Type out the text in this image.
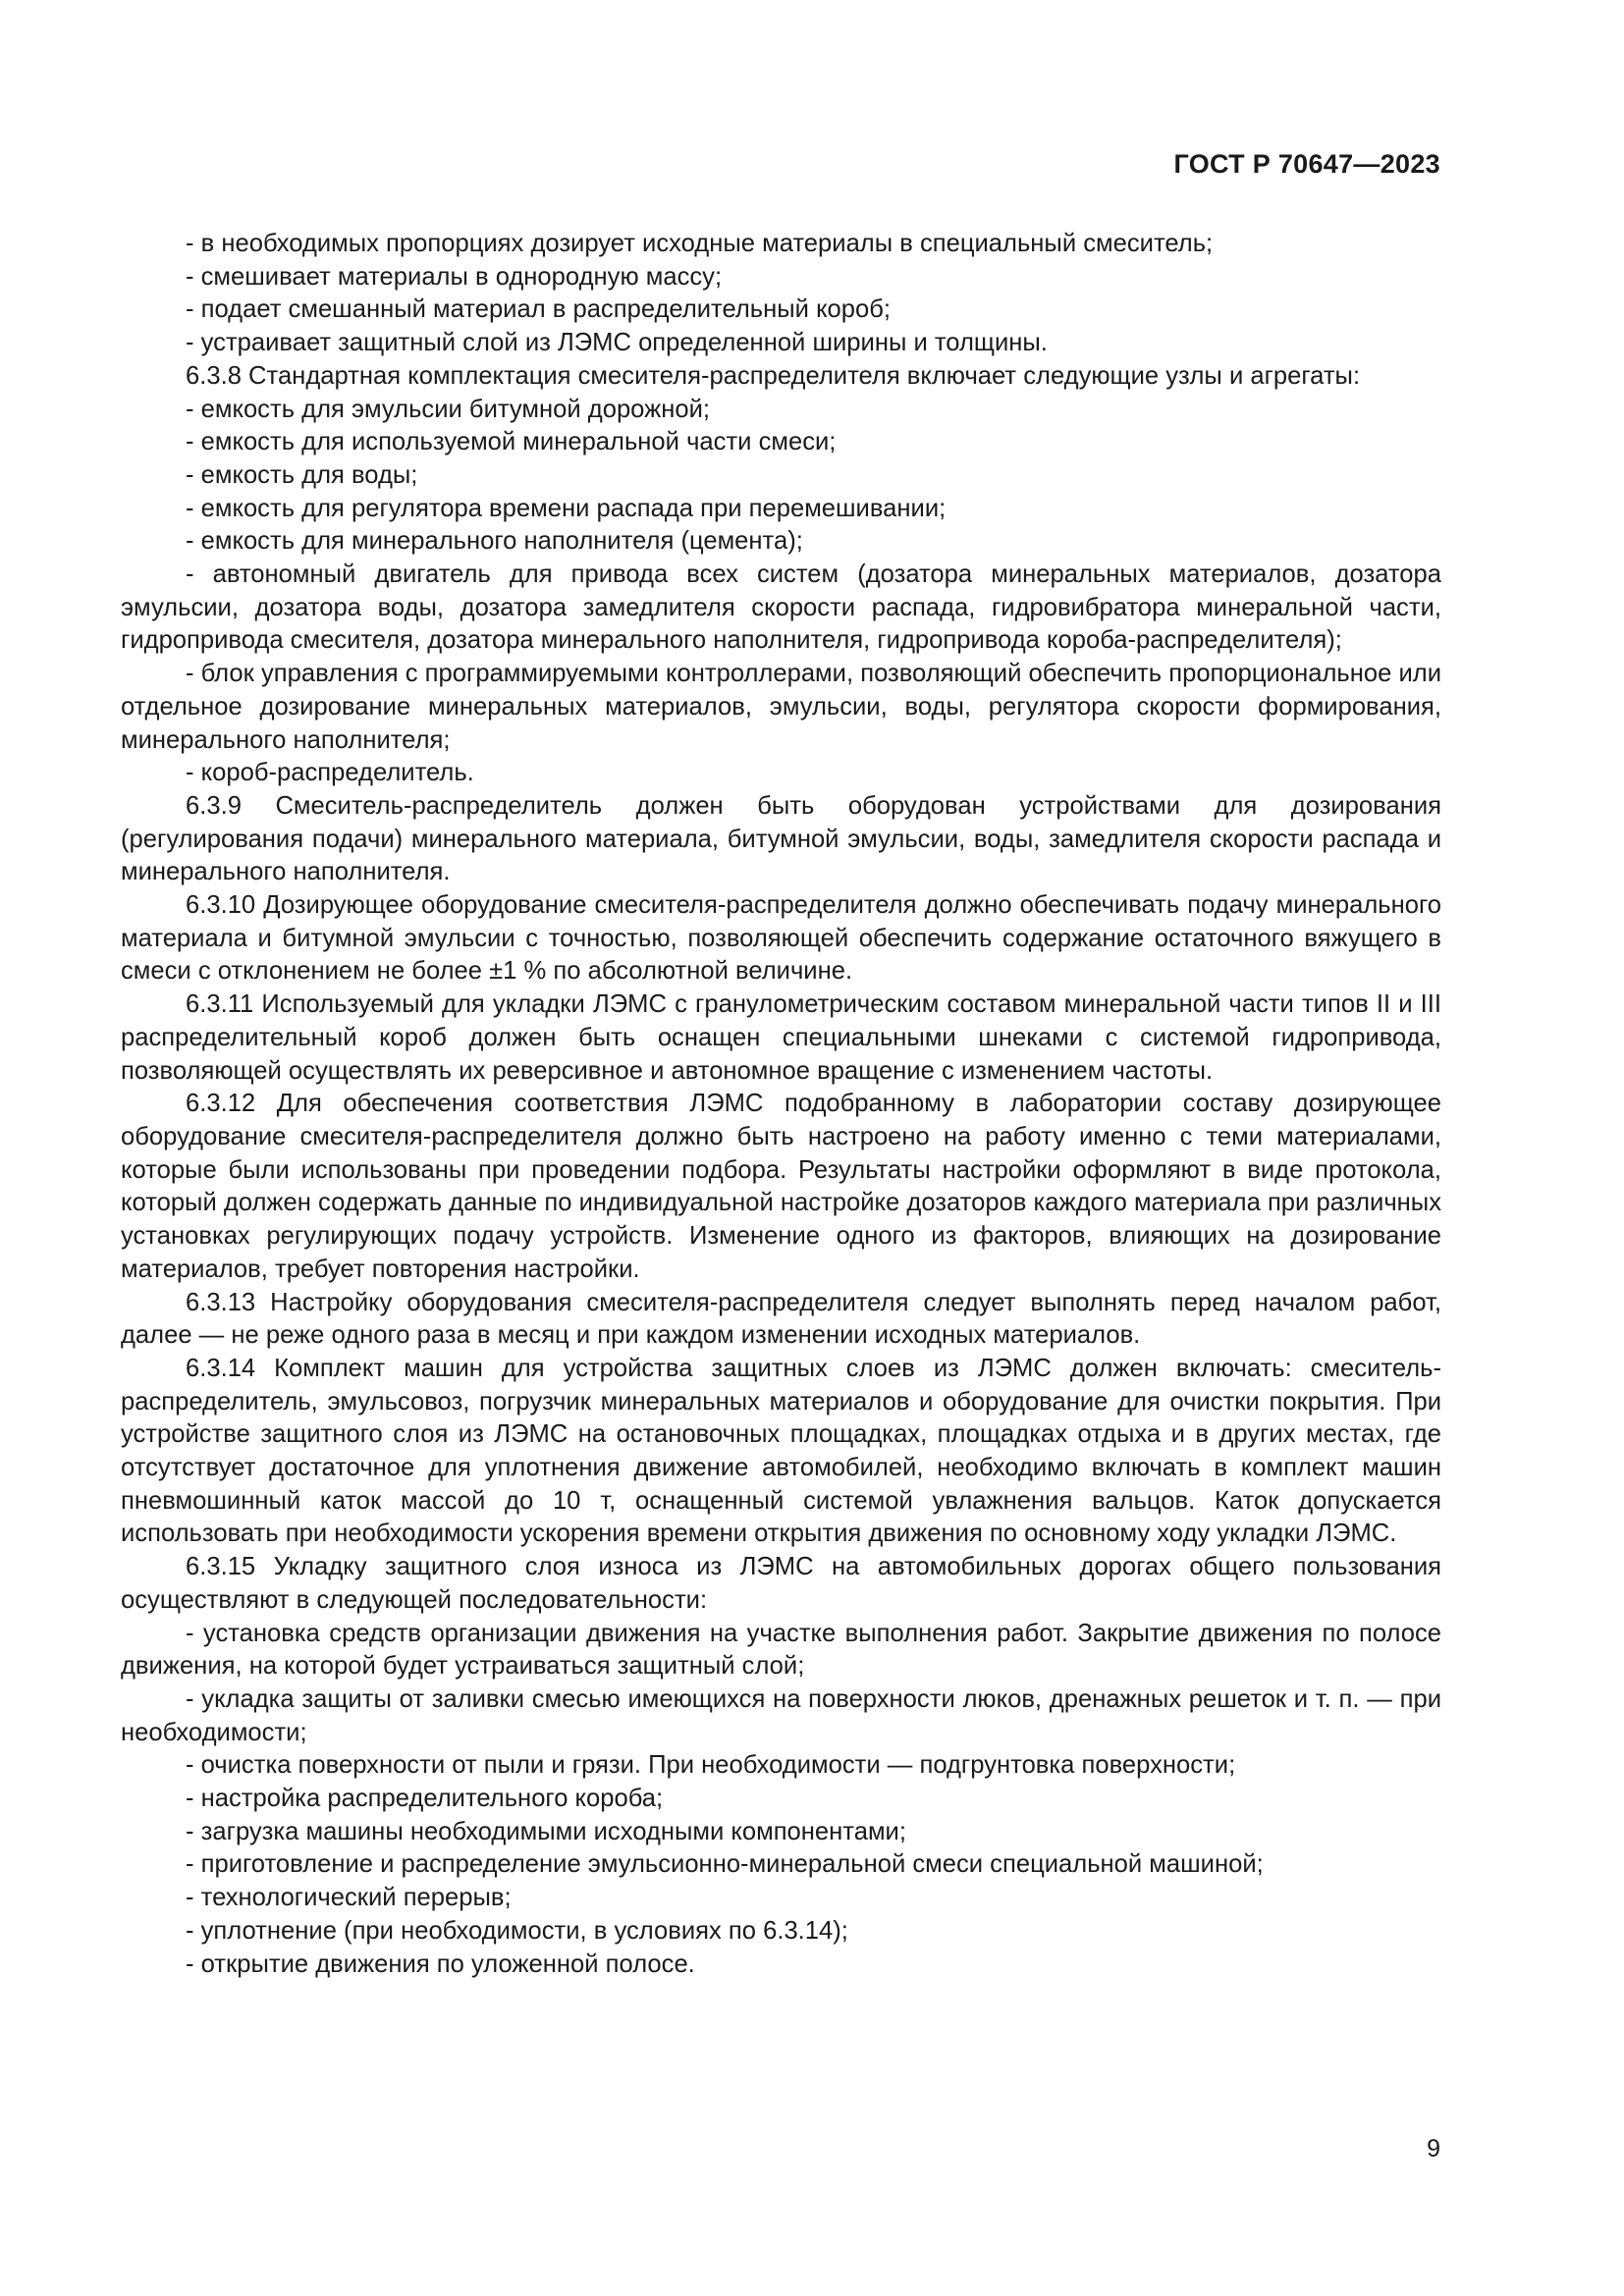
ГОСТ Р 70647—2023

- в необходимых пропорциях дозирует исходные материалы в специальный смеситель;

- смешивает материалы в однородную массу;

- подает смешанный материал в распределительный короб;

- устраивает защитный слой из ЛЭМС определенной ширины и толщины.

6.3.8 Стандартная комплектация смесителя-распределителя включает следующие узлы и агрегаты:

- емкость для эмульсии битумной дорожной;

- емкость для используемой минеральной части смеси;

- емкость для воды;

- емкость для регулятора времени распада при перемешивании;

- емкость для минерального наполнителя (цемента);

- автономный двигатель для привода всех систем (дозатора минеральных материалов, дозатора эмульсии, дозатора воды, дозатора замедлителя скорости распада, гидровибратора минеральной части, гидропривода смесителя, дозатора минерального наполнителя, гидропривода короба-распределителя);

- блок управления с программируемыми контроллерами, позволяющий обеспечить пропорциональное или отдельное дозирование минеральных материалов, эмульсии, воды, регулятора скорости формирования, минерального наполнителя;

- короб-распределитель.

6.3.9 Смеситель-распределитель должен быть оборудован устройствами для дозирования (регулирования подачи) минерального материала, битумной эмульсии, воды, замедлителя скорости распада и минерального наполнителя.

6.3.10 Дозирующее оборудование смесителя-распределителя должно обеспечивать подачу минерального материала и битумной эмульсии с точностью, позволяющей обеспечить содержание остаточного вяжущего в смеси с отклонением не более ±1 % по абсолютной величине.

6.3.11 Используемый для укладки ЛЭМС с гранулометрическим составом минеральной части типов II и III распределительный короб должен быть оснащен специальными шнеками с системой гидропривода, позволяющей осуществлять их реверсивное и автономное вращение с изменением частоты.

6.3.12 Для обеспечения соответствия ЛЭМС подобранному в лаборатории составу дозирующее оборудование смесителя-распределителя должно быть настроено на работу именно с теми материалами, которые были использованы при проведении подбора. Результаты настройки оформляют в виде протокола, который должен содержать данные по индивидуальной настройке дозаторов каждого материала при различных установках регулирующих подачу устройств. Изменение одного из факторов, влияющих на дозирование материалов, требует повторения настройки.

6.3.13 Настройку оборудования смесителя-распределителя следует выполнять перед началом работ, далее — не реже одного раза в месяц и при каждом изменении исходных материалов.

6.3.14 Комплект машин для устройства защитных слоев из ЛЭМС должен включать: смеситель-распределитель, эмульсовоз, погрузчик минеральных материалов и оборудование для очистки покрытия. При устройстве защитного слоя из ЛЭМС на остановочных площадках, площадках отдыха и в других местах, где отсутствует достаточное для уплотнения движение автомобилей, необходимо включать в комплект машин пневмошинный каток массой до 10 т, оснащенный системой увлажнения вальцов. Каток допускается использовать при необходимости ускорения времени открытия движения по основному ходу укладки ЛЭМС.

6.3.15 Укладку защитного слоя износа из ЛЭМС на автомобильных дорогах общего пользования осуществляют в следующей последовательности:

- установка средств организации движения на участке выполнения работ. Закрытие движения по полосе движения, на которой будет устраиваться защитный слой;

- укладка защиты от заливки смесью имеющихся на поверхности люков, дренажных решеток и т. п. — при необходимости;

- очистка поверхности от пыли и грязи. При необходимости — подгрунтовка поверхности;

- настройка распределительного короба;

- загрузка машины необходимыми исходными компонентами;

- приготовление и распределение эмульсионно-минеральной смеси специальной машиной;

- технологический перерыв;

- уплотнение (при необходимости, в условиях по 6.3.14);

- открытие движения по уложенной полосе.

9
